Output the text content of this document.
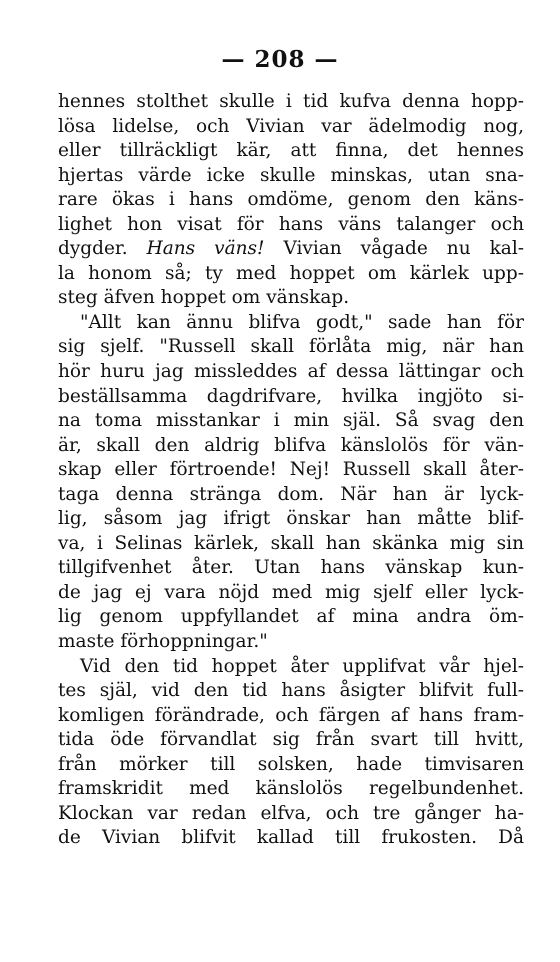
— 208 —
hennes stolthet skulle i tid kufva denna hopp-
lösa lidelse, och Vivian var ädelmodig nog,
eller tillräckligt kär, att finna, det hennes
hjertas värde icke skulle minskas, utan sna-
rare ökas i hans omdöme, genom den käns-
lighet hon visat för hans väns talanger och
dygder. Hans väns! Vivian vågade nu kal-
la honom så; ty med hoppet om kärlek upp-
steg äfven hoppet om vänskap.
"Allt kan ännu blifva godt," sade han för
sig sjelf. "Russell skall förlåta mig, när han
hör huru jag missleddes af dessa lättingar och
beställsamma dagdrifvare, hvilka ingjöto si-
na toma misstankar i min själ. Så svag den
är, skall den aldrig blifva känslolös för vän-
skap eller förtroende! Nej! Russell skall åter-
taga denna stränga dom. När han är lyck-
lig, såsom jag ifrigt önskar han måtte blif-
va, i Selinas kärlek, skall han skänka mig sin
tillgifvenhet åter. Utan hans vänskap kun-
de jag ej vara nöjd med mig sjelf eller lyck-
lig genom uppfyllandet af mina andra öm-
maste förhoppningar."
Vid den tid hoppet åter upplifvat vår hjel-
tes själ, vid den tid hans åsigter blifvit full-
komligen förändrade, och färgen af hans fram-
tida öde förvandlat sig från svart till hvitt,
från mörker till solsken, hade timvisaren
framskridit med känslolös regelbundenhet.
Klockan var redan elfva, och tre gånger ha-
de Vivian blifvit kallad till frukosten. Då
